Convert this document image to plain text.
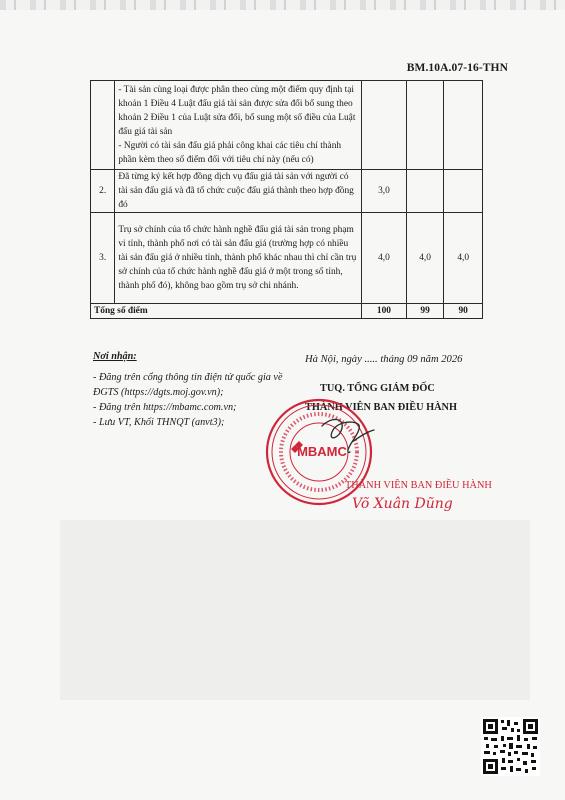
BM.10A.07-16-THN

	- Tài sản cùng loại được phân theo cùng một điểm quy định tại khoản 1 Điều 4 Luật đấu giá tài sản được sửa đổi bổ sung theo khoản 2 Điều 1 của Luật sửa đổi, bổ sung một số điều của Luật đấu giá tài sản
- Người có tài sản đấu giá phải công khai các tiêu chí thành phần kèm theo số điểm đối với tiêu chí này (nếu có)			

2.	Đã từng ký kết hợp đồng dịch vụ đấu giá tài sản với người có tài sản đấu giá và đã tổ chức cuộc đấu giá thành theo hợp đồng đó	3,0		
3.	Trụ sở chính của tổ chức hành nghề đấu giá tài sản trong phạm vi tỉnh, thành phố nơi có tài sản đấu giá (trường hợp có nhiều tài sản đấu giá ở nhiều tỉnh, thành phố khác nhau thì chỉ cần trụ sở chính của tổ chức hành nghề đấu giá ở một trong số tỉnh, thành phố đó), không bao gồm trụ sở chi nhánh.	4,0	4,0	4,0
Tổng số điểm		100	99	90
Nơi nhận:
- Đăng trên cổng thông tin điện tử quốc gia về ĐGTS (https://dgts.moj.gov.vn);
- Đăng trên https://mbamc.com.vn;
- Lưu VT, Khối THNQT (anvt3);
Hà Nội, ngày ..... tháng 09 năm 2026
TUQ. TỔNG GIÁM ĐỐC
THÀNH VIÊN BAN ĐIỀU HÀNH
MBAMC
THÀNH VIÊN BAN ĐIỀU HÀNH
Võ Xuân Dũng
